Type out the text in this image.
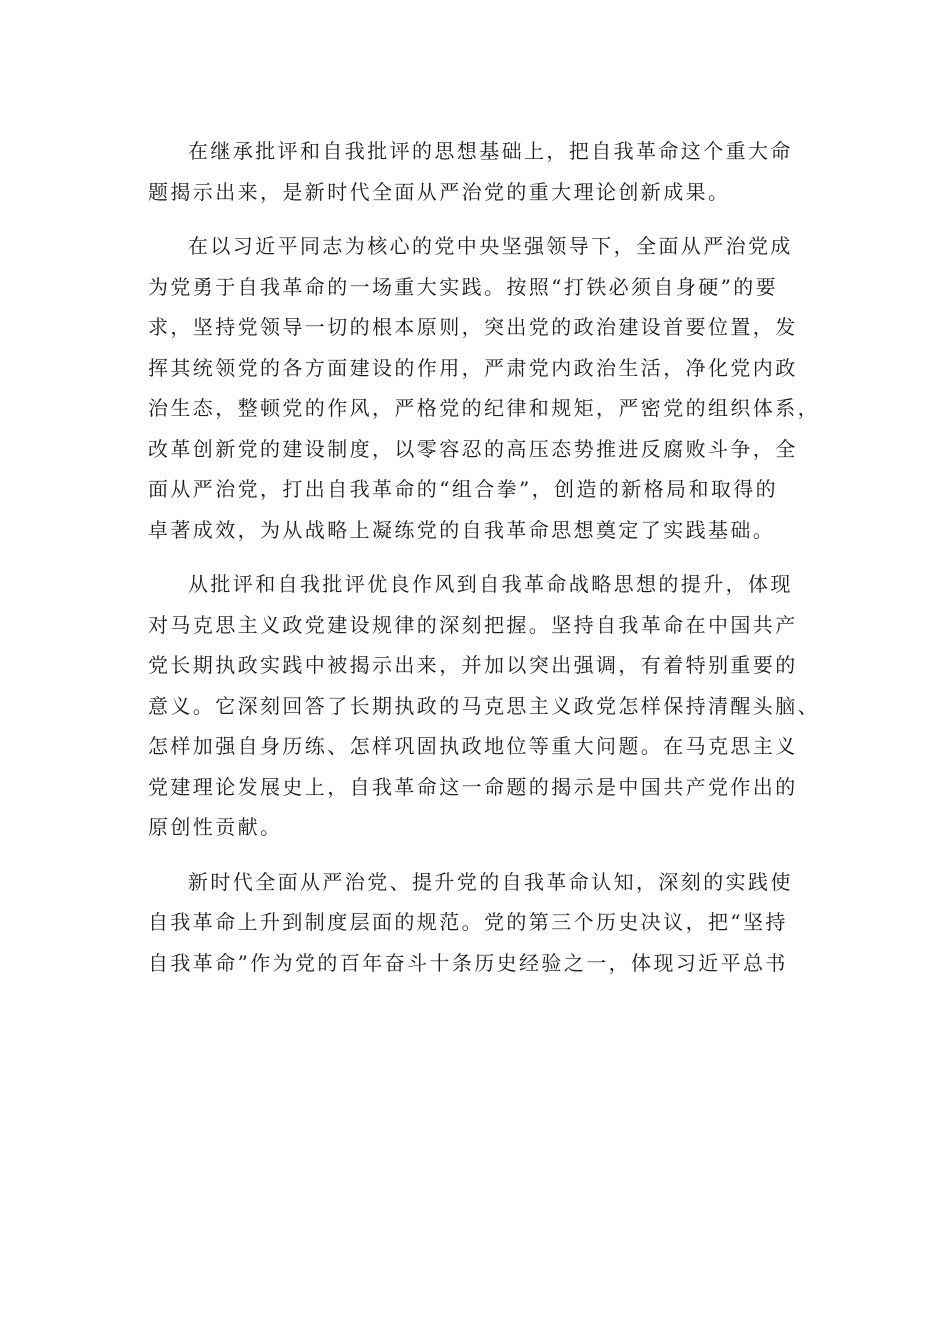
在继承批评和自我批评的思想基础上，把自我革命这个重大命
题揭示出来，是新时代全面从严治党的重大理论创新成果。
在以习近平同志为核心的党中央坚强领导下，全面从严治党成
为党勇于自我革命的一场重大实践。按照“打铁必须自身硬”的要
求，坚持党领导一切的根本原则，突出党的政治建设首要位置，发
挥其统领党的各方面建设的作用，严肃党内政治生活，净化党内政
治生态，整顿党的作风，严格党的纪律和规矩，严密党的组织体系，
改革创新党的建设制度，以零容忍的高压态势推进反腐败斗争，全
面从严治党，打出自我革命的“组合拳”，创造的新格局和取得的
卓著成效，为从战略上凝练党的自我革命思想奠定了实践基础。
从批评和自我批评优良作风到自我革命战略思想的提升，体现
对马克思主义政党建设规律的深刻把握。坚持自我革命在中国共产
党长期执政实践中被揭示出来，并加以突出强调，有着特别重要的
意义。它深刻回答了长期执政的马克思主义政党怎样保持清醒头脑、
怎样加强自身历练、怎样巩固执政地位等重大问题。在马克思主义
党建理论发展史上，自我革命这一命题的揭示是中国共产党作出的
原创性贡献。
新时代全面从严治党、提升党的自我革命认知，深刻的实践使
自我革命上升到制度层面的规范。党的第三个历史决议，把“坚持
自我革命”作为党的百年奋斗十条历史经验之一，体现习近平总书
